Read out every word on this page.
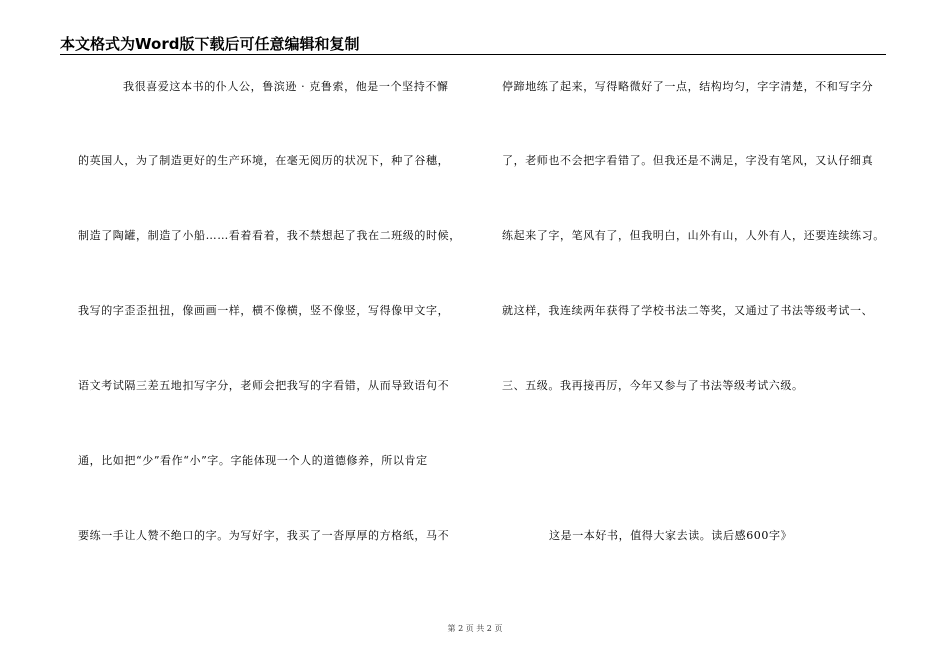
本文格式为Word版下载后可任意编辑和复制
我很喜爱这本书的仆人公，鲁滨逊 · 克鲁索，他是一个坚持不懈
的英国人，为了制造更好的生产环境，在毫无阅历的状况下，种了谷穗，
制造了陶罐，制造了小船……看着看着，我不禁想起了我在二班级的时候，
我写的字歪歪扭扭，像画画一样，横不像横，竖不像竖，写得像甲文字，
语文考试隔三差五地扣写字分，老师会把我写的字看错，从而导致语句不
通，比如把“少”看作“小”字。字能体现一个人的道德修养，所以肯定
要练一手让人赞不绝口的字。为写好字，我买了一沓厚厚的方格纸，马不
停蹄地练了起来，写得略微好了一点，结构均匀，字字清楚，不和写字分
了，老师也不会把字看错了。但我还是不满足，字没有笔风，又认仔细真
练起来了字，笔风有了，但我明白，山外有山，人外有人，还要连续练习。
就这样，我连续两年获得了学校书法二等奖，又通过了书法等级考试一、
三、五级。我再接再厉，今年又参与了书法等级考试六级。
这是一本好书，值得大家去读。读后感600字》
第 2 页 共 2 页
